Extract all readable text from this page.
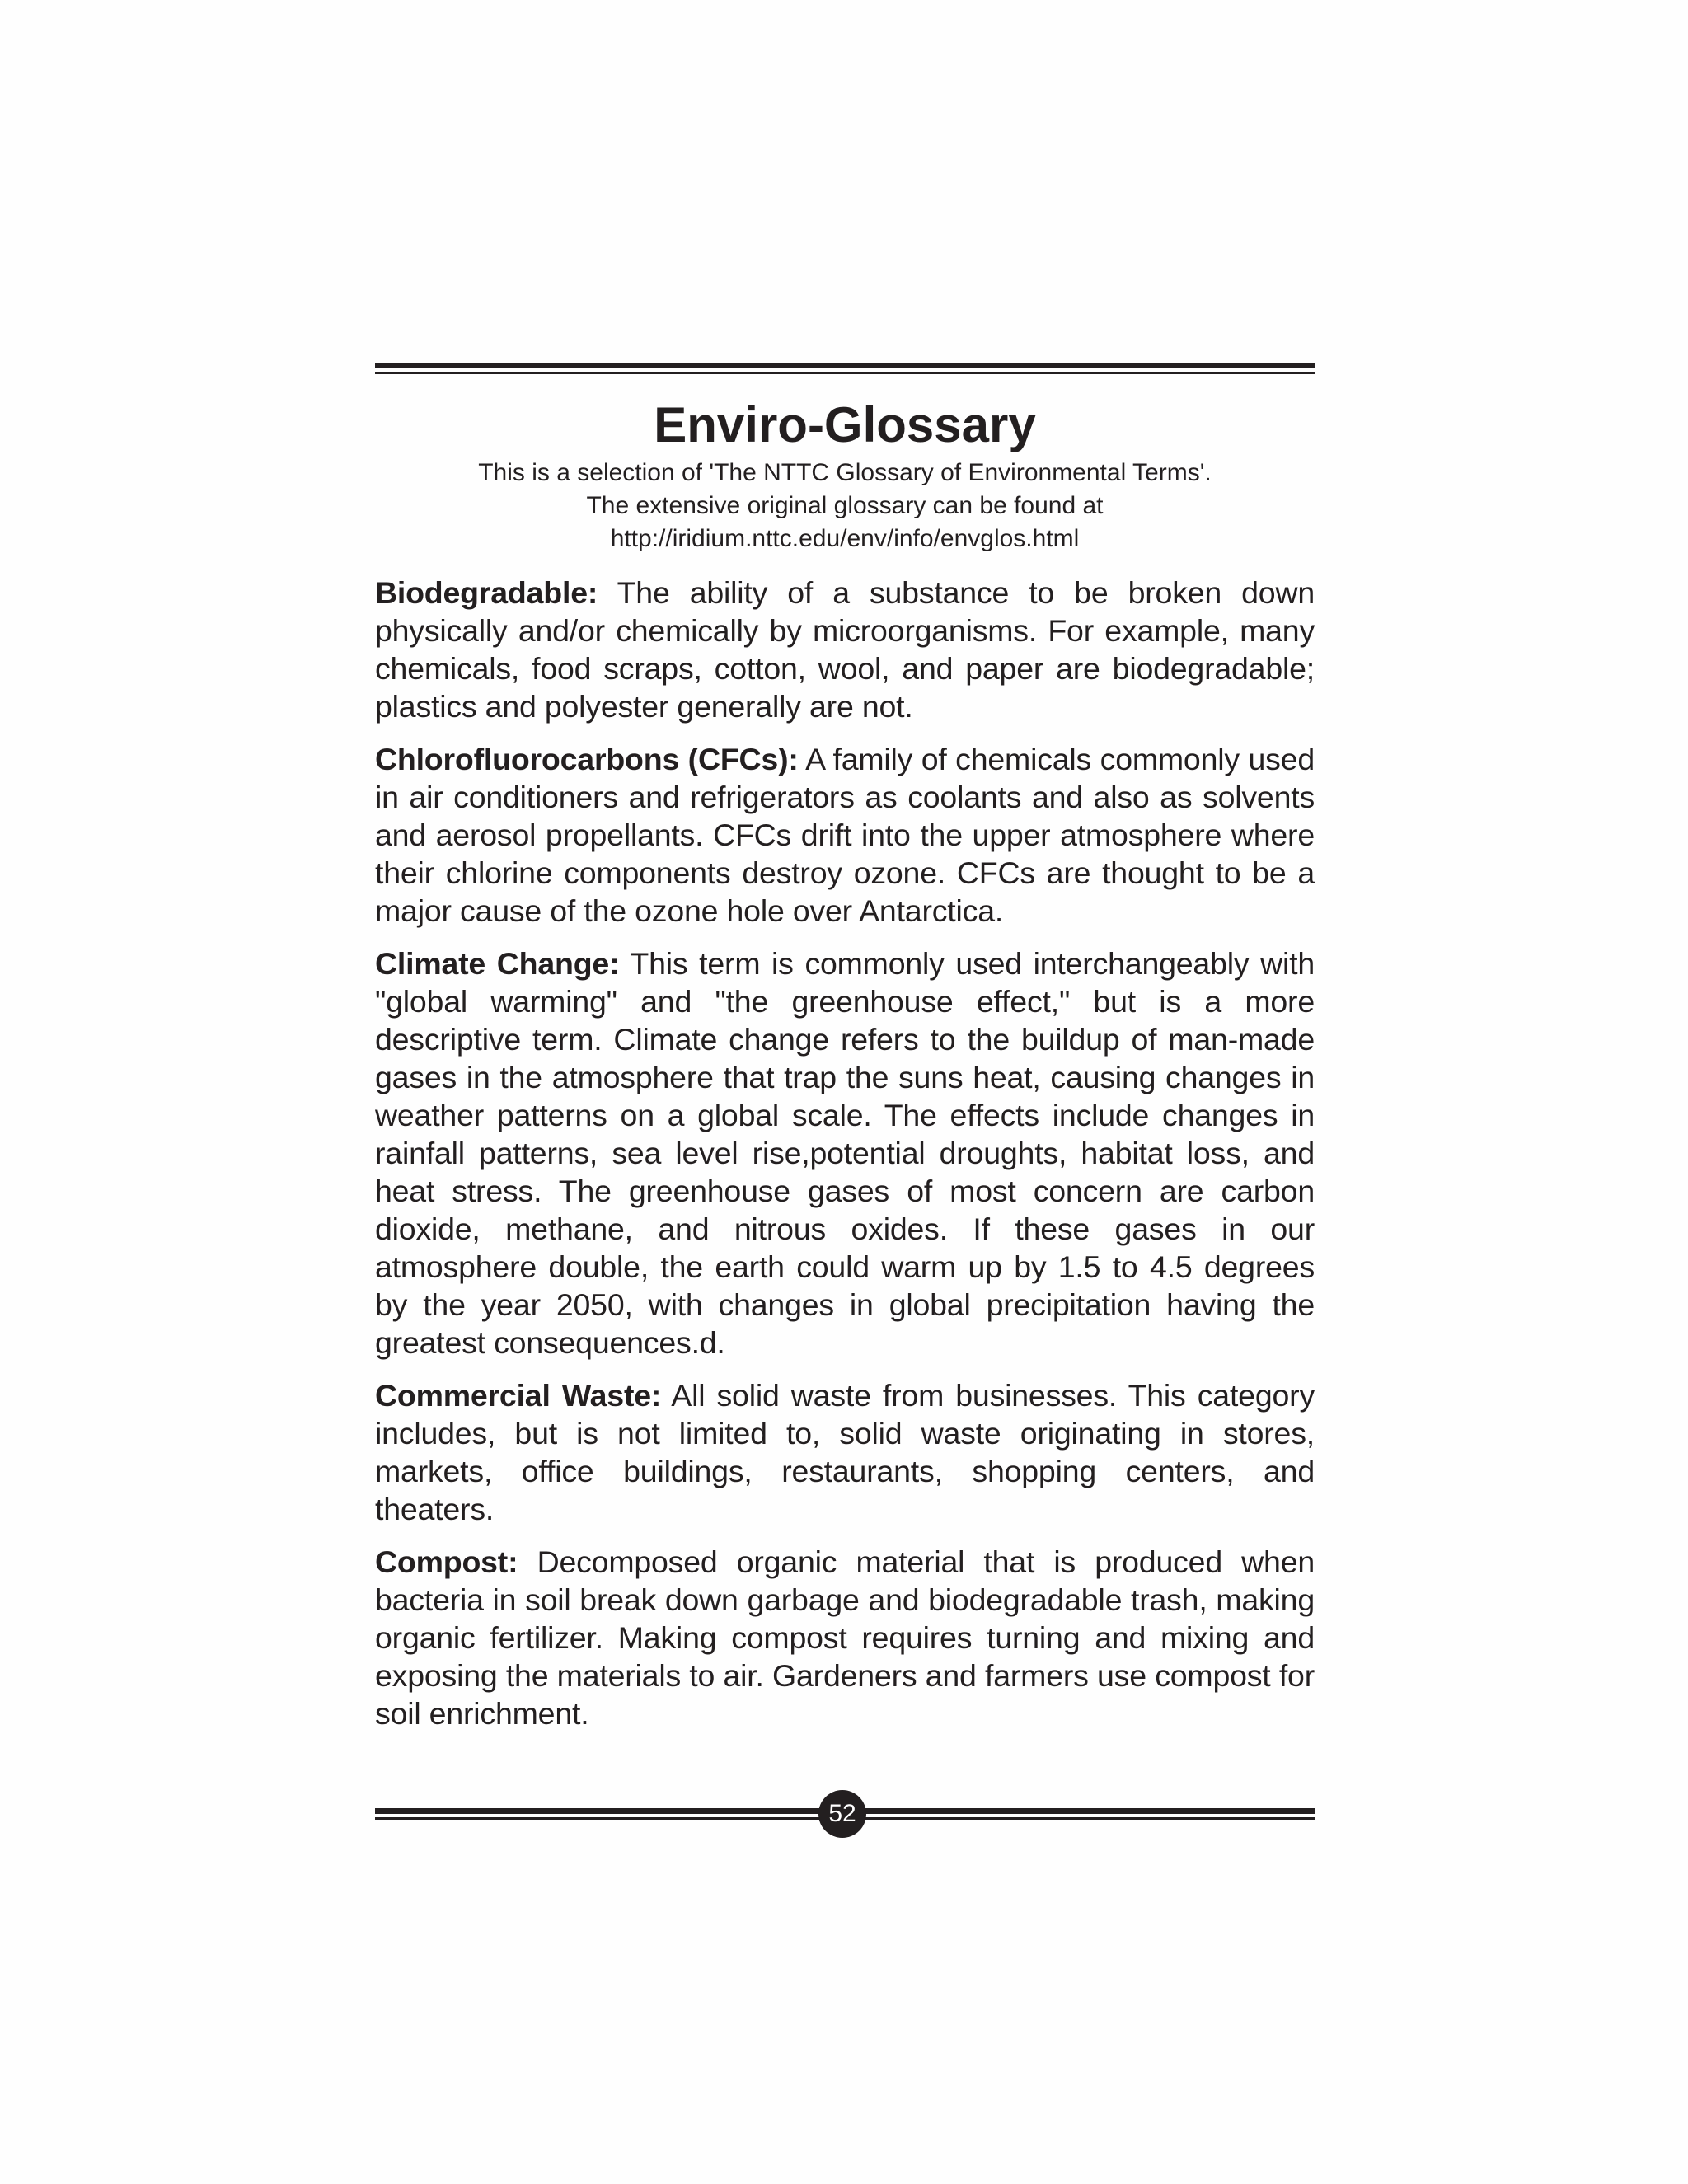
Enviro-Glossary

This is a selection of 'The NTTC Glossary of Environmental Terms'.
The extensive original glossary can be found at
http://iridium.nttc.edu/env/info/envglos.html

Biodegradable: The ability of a substance to be broken down physically and/or chemically by microorganisms. For example, many chemicals, food scraps, cotton, wool, and paper are biodegradable; plastics and polyester generally are not.

Chlorofluorocarbons (CFCs): A family of chemicals commonly used in air conditioners and refrigerators as coolants and also as solvents and aerosol propellants. CFCs drift into the upper atmosphere where their chlorine components destroy ozone. CFCs are thought to be a major cause of the ozone hole over Antarctica.

Climate Change: This term is commonly used interchangeably with "global warming" and "the greenhouse effect," but is a more descriptive term. Climate change refers to the buildup of man-made gases in the atmosphere that trap the suns heat, causing changes in weather patterns on a global scale. The effects include changes in rainfall patterns, sea level rise,potential droughts, habitat loss, and heat stress. The greenhouse gases of most concern are carbon dioxide, methane, and nitrous oxides. If these gases in our atmosphere double, the earth could warm up by 1.5 to 4.5 degrees by the year 2050, with changes in global precipitation having the greatest consequences.d.

Commercial Waste: All solid waste from businesses. This category includes, but is not limited to, solid waste originating in stores, markets, office buildings, restaurants, shopping centers, and theaters.

Compost: Decomposed organic material that is produced when bacteria in soil break down garbage and biodegradable trash, making organic fertilizer. Making compost requires turning and mixing and exposing the materials to air. Gardeners and farmers use compost for soil enrichment.

52
